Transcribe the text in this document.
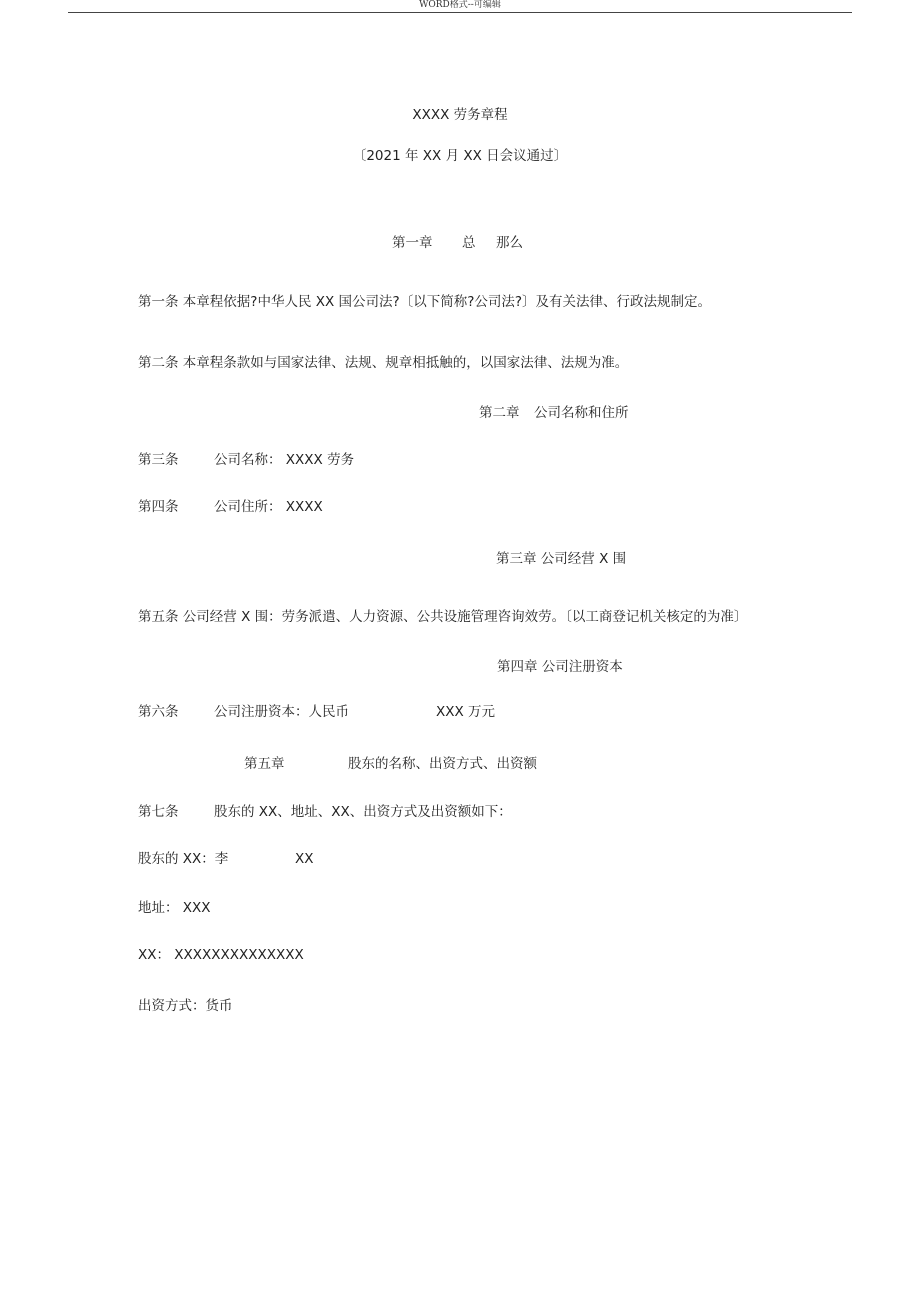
WORD格式--可编辑
XXXX 劳务章程
〔2021 年 XX 月 XX 日会议通过〕
第一章 总 那么
第一条 本章程依据?中华人民 XX 国公司法?〔以下简称?公司法?〕及有关法律、行政法规制定。
第二条 本章程条款如与国家法律、法规、规章相抵触的，以国家法律、法规为准。
第二章 公司名称和住所
第三条	公司名称： XXXX 劳务
第四条	公司住所： XXXX
第三章 公司经营 X 围
第五条 公司经营 X 围：劳务派遣、人力资源、公共设施管理咨询效劳。〔以工商登记机关核定的为准〕
第四章 公司注册资本
第六条	公司注册资本：人民币	XXX 万元
第五章	股东的名称、出资方式、出资额
第七条	股东的 XX、地址、XX、出资方式及出资额如下：
股东的 XX：李	XX
地址： XXX
XX： XXXXXXXXXXXXXX
出资方式：货币
